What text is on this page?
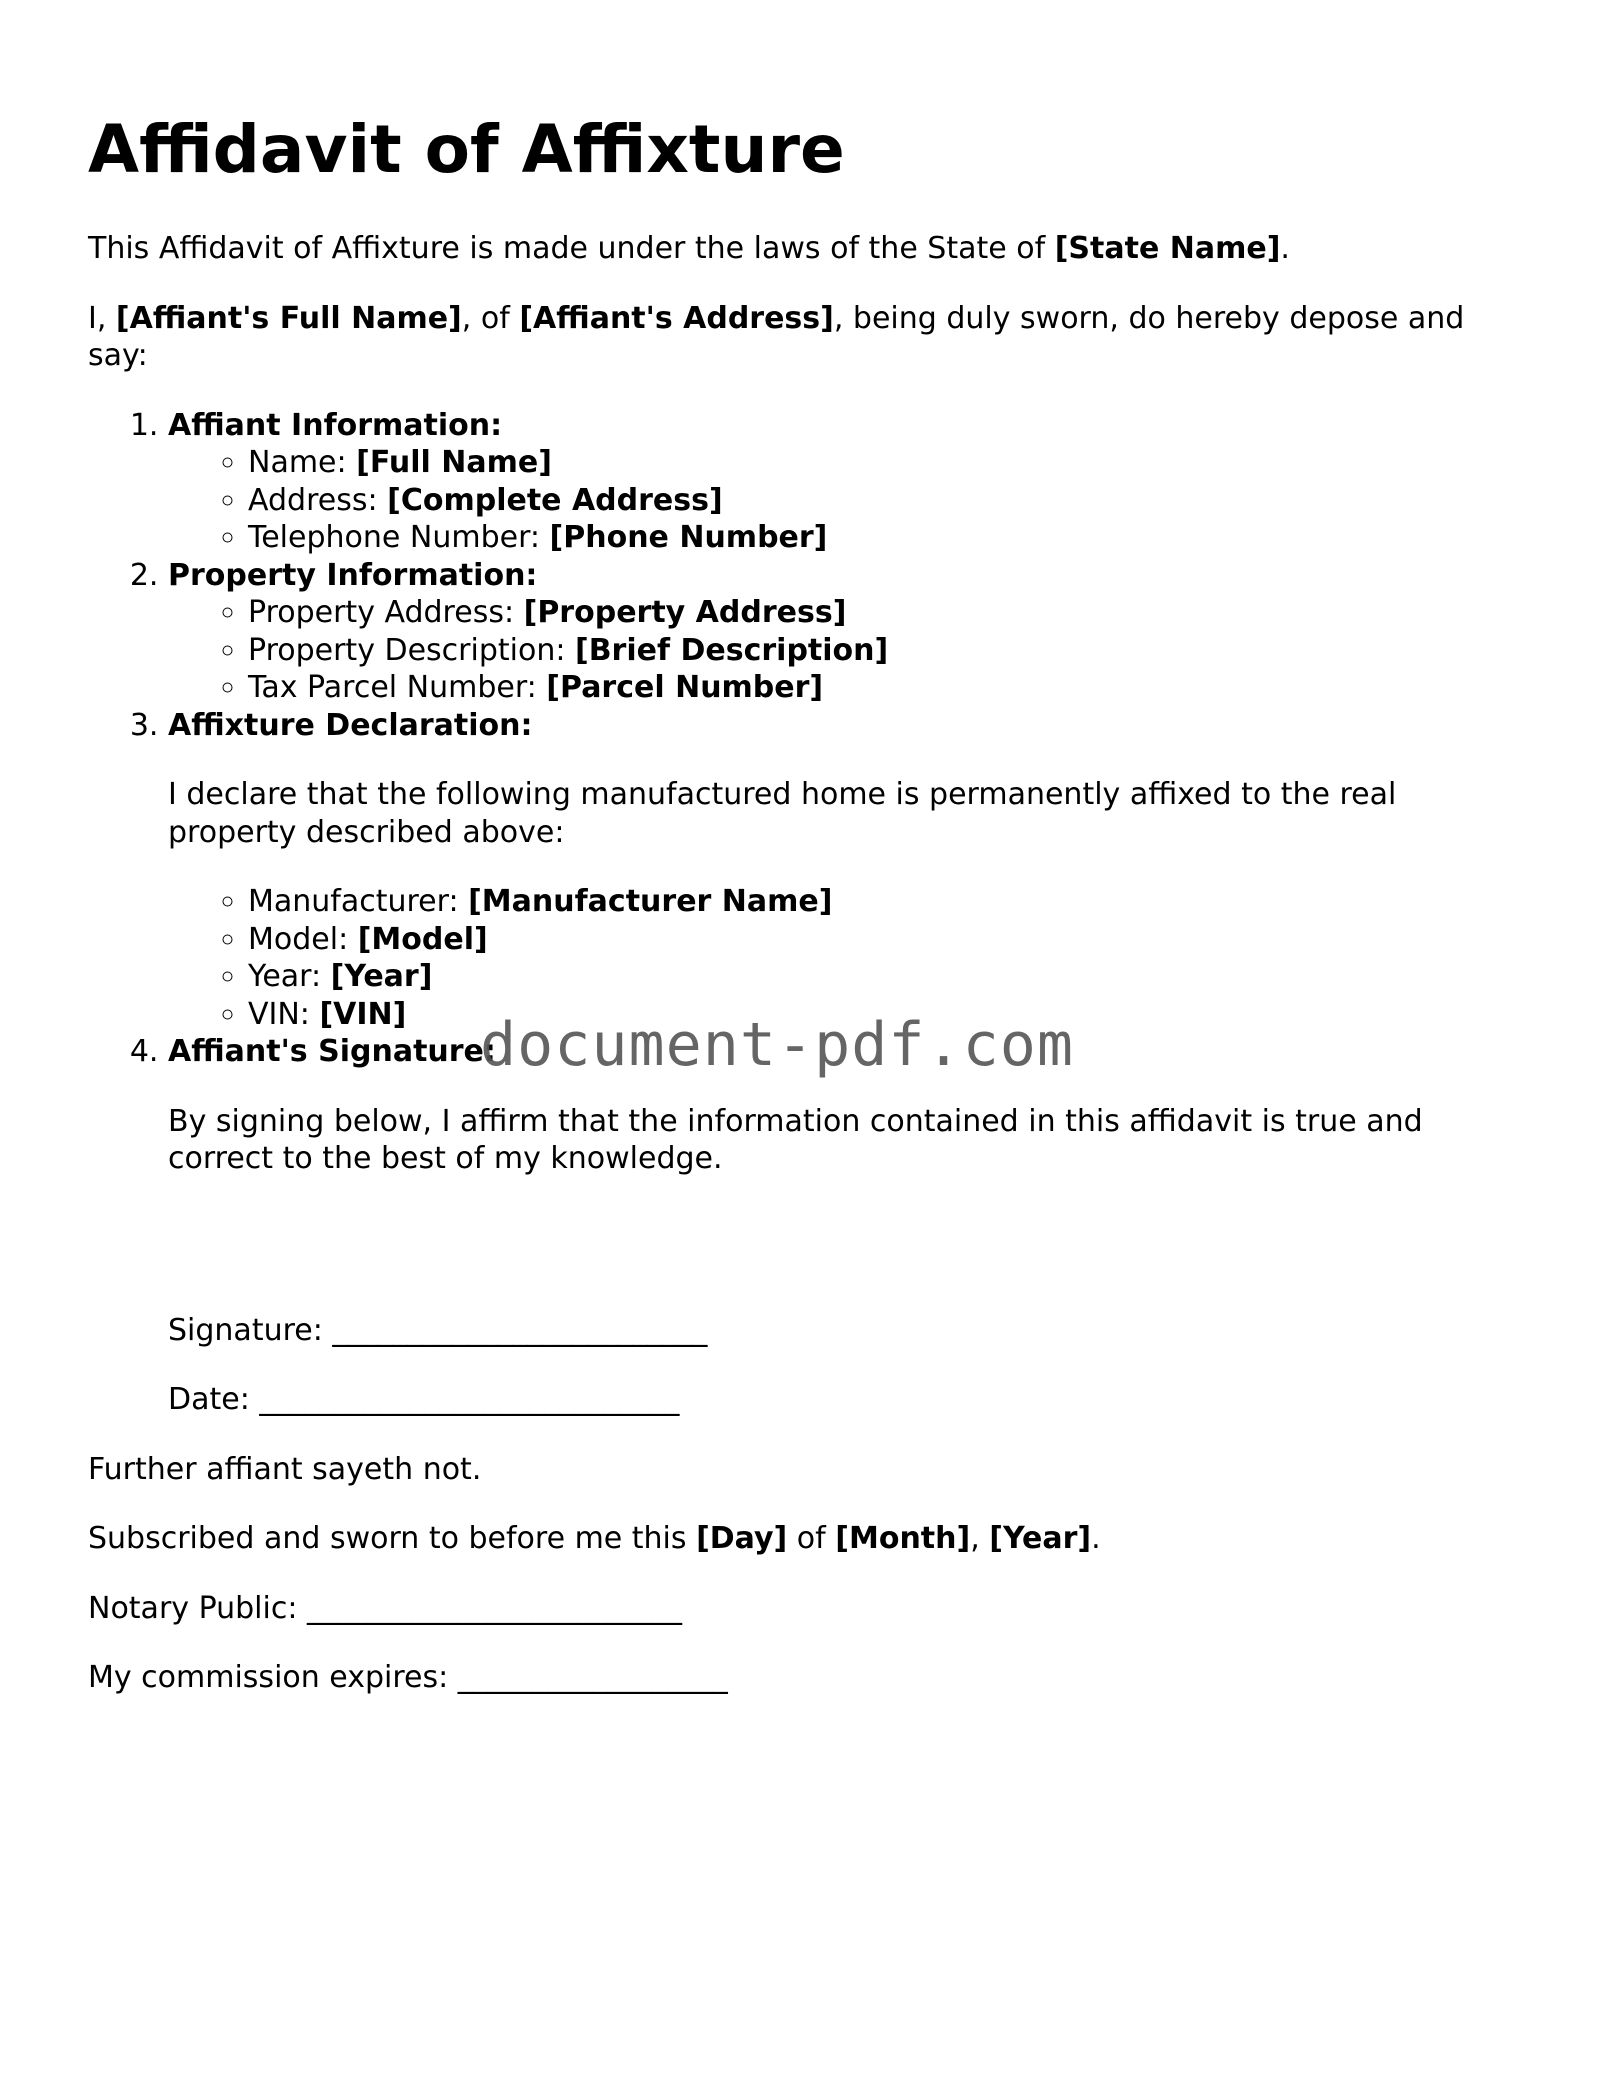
Affidavit of Affixture

This Affidavit of Affixture is made under the laws of the State of [State Name].

I, [Affiant's Full Name], of [Affiant's Address], being duly sworn, do hereby depose and say:

1. Affiant Information:
◦ Name: [Full Name]
◦ Address: [Complete Address]
◦ Telephone Number: [Phone Number]
2. Property Information:
◦ Property Address: [Property Address]
◦ Property Description: [Brief Description]
◦ Tax Parcel Number: [Parcel Number]
3. Affixture Declaration:

I declare that the following manufactured home is permanently affixed to the real property described above:

◦ Manufacturer: [Manufacturer Name]
◦ Model: [Model]
◦ Year: [Year]
◦ VIN: [VIN]
4. Affiant's Signature:

By signing below, I affirm that the information contained in this affidavit is true and correct to the best of my knowledge.

Signature: _________________________

Date: ____________________________

Further affiant sayeth not.

Subscribed and sworn to before me this [Day] of [Month], [Year].

Notary Public: _________________________

My commission expires: __________________

document-pdf.com
